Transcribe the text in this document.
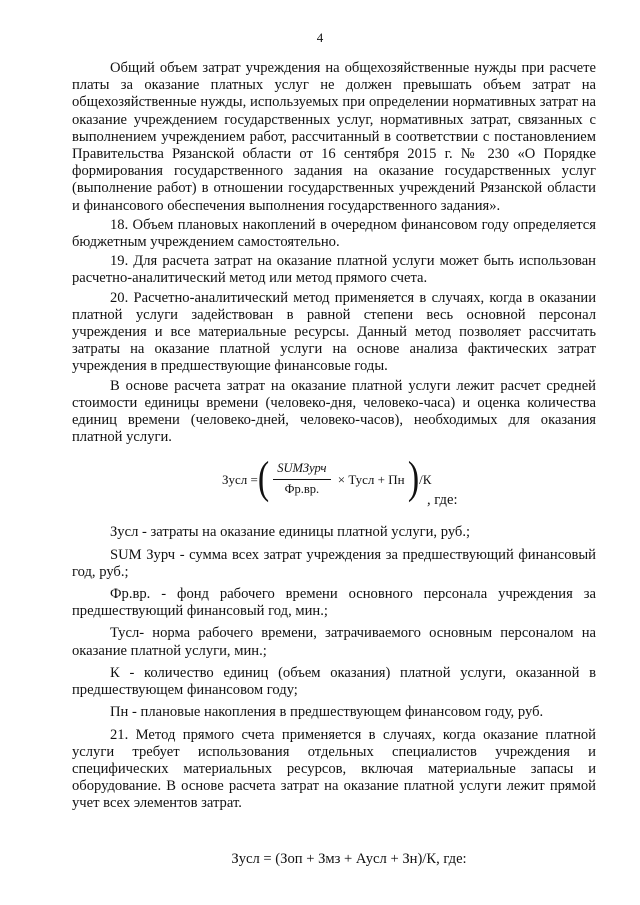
4

Общий объем затрат учреждения на общехозяйственные нужды при расчете платы за оказание платных услуг не должен превышать объем затрат на общехозяйственные нужды, используемых при определении нормативных затрат на оказание учреждением государственных услуг, нормативных затрат, связанных с выполнением учреждением работ, рассчитанный в соответствии с постановлением Правительства Рязанской области от 16 сентября 2015 г. № 230 «О Порядке формирования государственного задания на оказание государственных услуг (выполнение работ) в отношении государственных учреждений Рязанской области и финансового обеспечения выполнения государственного задания».

18. Объем плановых накоплений в очередном финансовом году определяется бюджетным учреждением самостоятельно.

19. Для расчета затрат на оказание платной услуги может быть использован расчетно-аналитический метод или метод прямого счета.

20. Расчетно-аналитический метод применяется в случаях, когда в оказании платной услуги задействован в равной степени весь основной персонал учреждения и все материальные ресурсы. Данный метод позволяет рассчитать затраты на оказание платной услуги на основе анализа фактических затрат учреждения в предшествующие финансовые годы.

В основе расчета затрат на оказание платной услуги лежит расчет средней стоимости единицы времени (человеко-дня, человеко-часа) и оценка количества единиц времени (человеко-дней, человеко-часов), необходимых для оказания платной услуги.

Зусл = ( $\frac{\text{SUMЗурч}}{Фр.вр.}$ × Тусл + Пн ) /К
, где:

Зусл - затраты на оказание единицы платной услуги, руб.;

SUM Зурч - сумма всех затрат учреждения за предшествующий финансовый год, руб.;

Фр.вр. - фонд рабочего времени основного персонала учреждения за предшествующий финансовый год, мин.;

Тусл- норма рабочего времени, затрачиваемого основным персоналом на оказание платной услуги, мин.;

К - количество единиц (объем оказания) платной услуги, оказанной в предшествующем финансовом году;

Пн - плановые накопления в предшествующем финансовом году, руб.

21. Метод прямого счета применяется в случаях, когда оказание платной услуги требует использования отдельных специалистов учреждения и специфических материальных ресурсов, включая материальные запасы и оборудование. В основе расчета затрат на оказание платной услуги лежит прямой учет всех элементов затрат.

Зусл = (Зоп + Змз + Аусл + Зн)/К, где:
